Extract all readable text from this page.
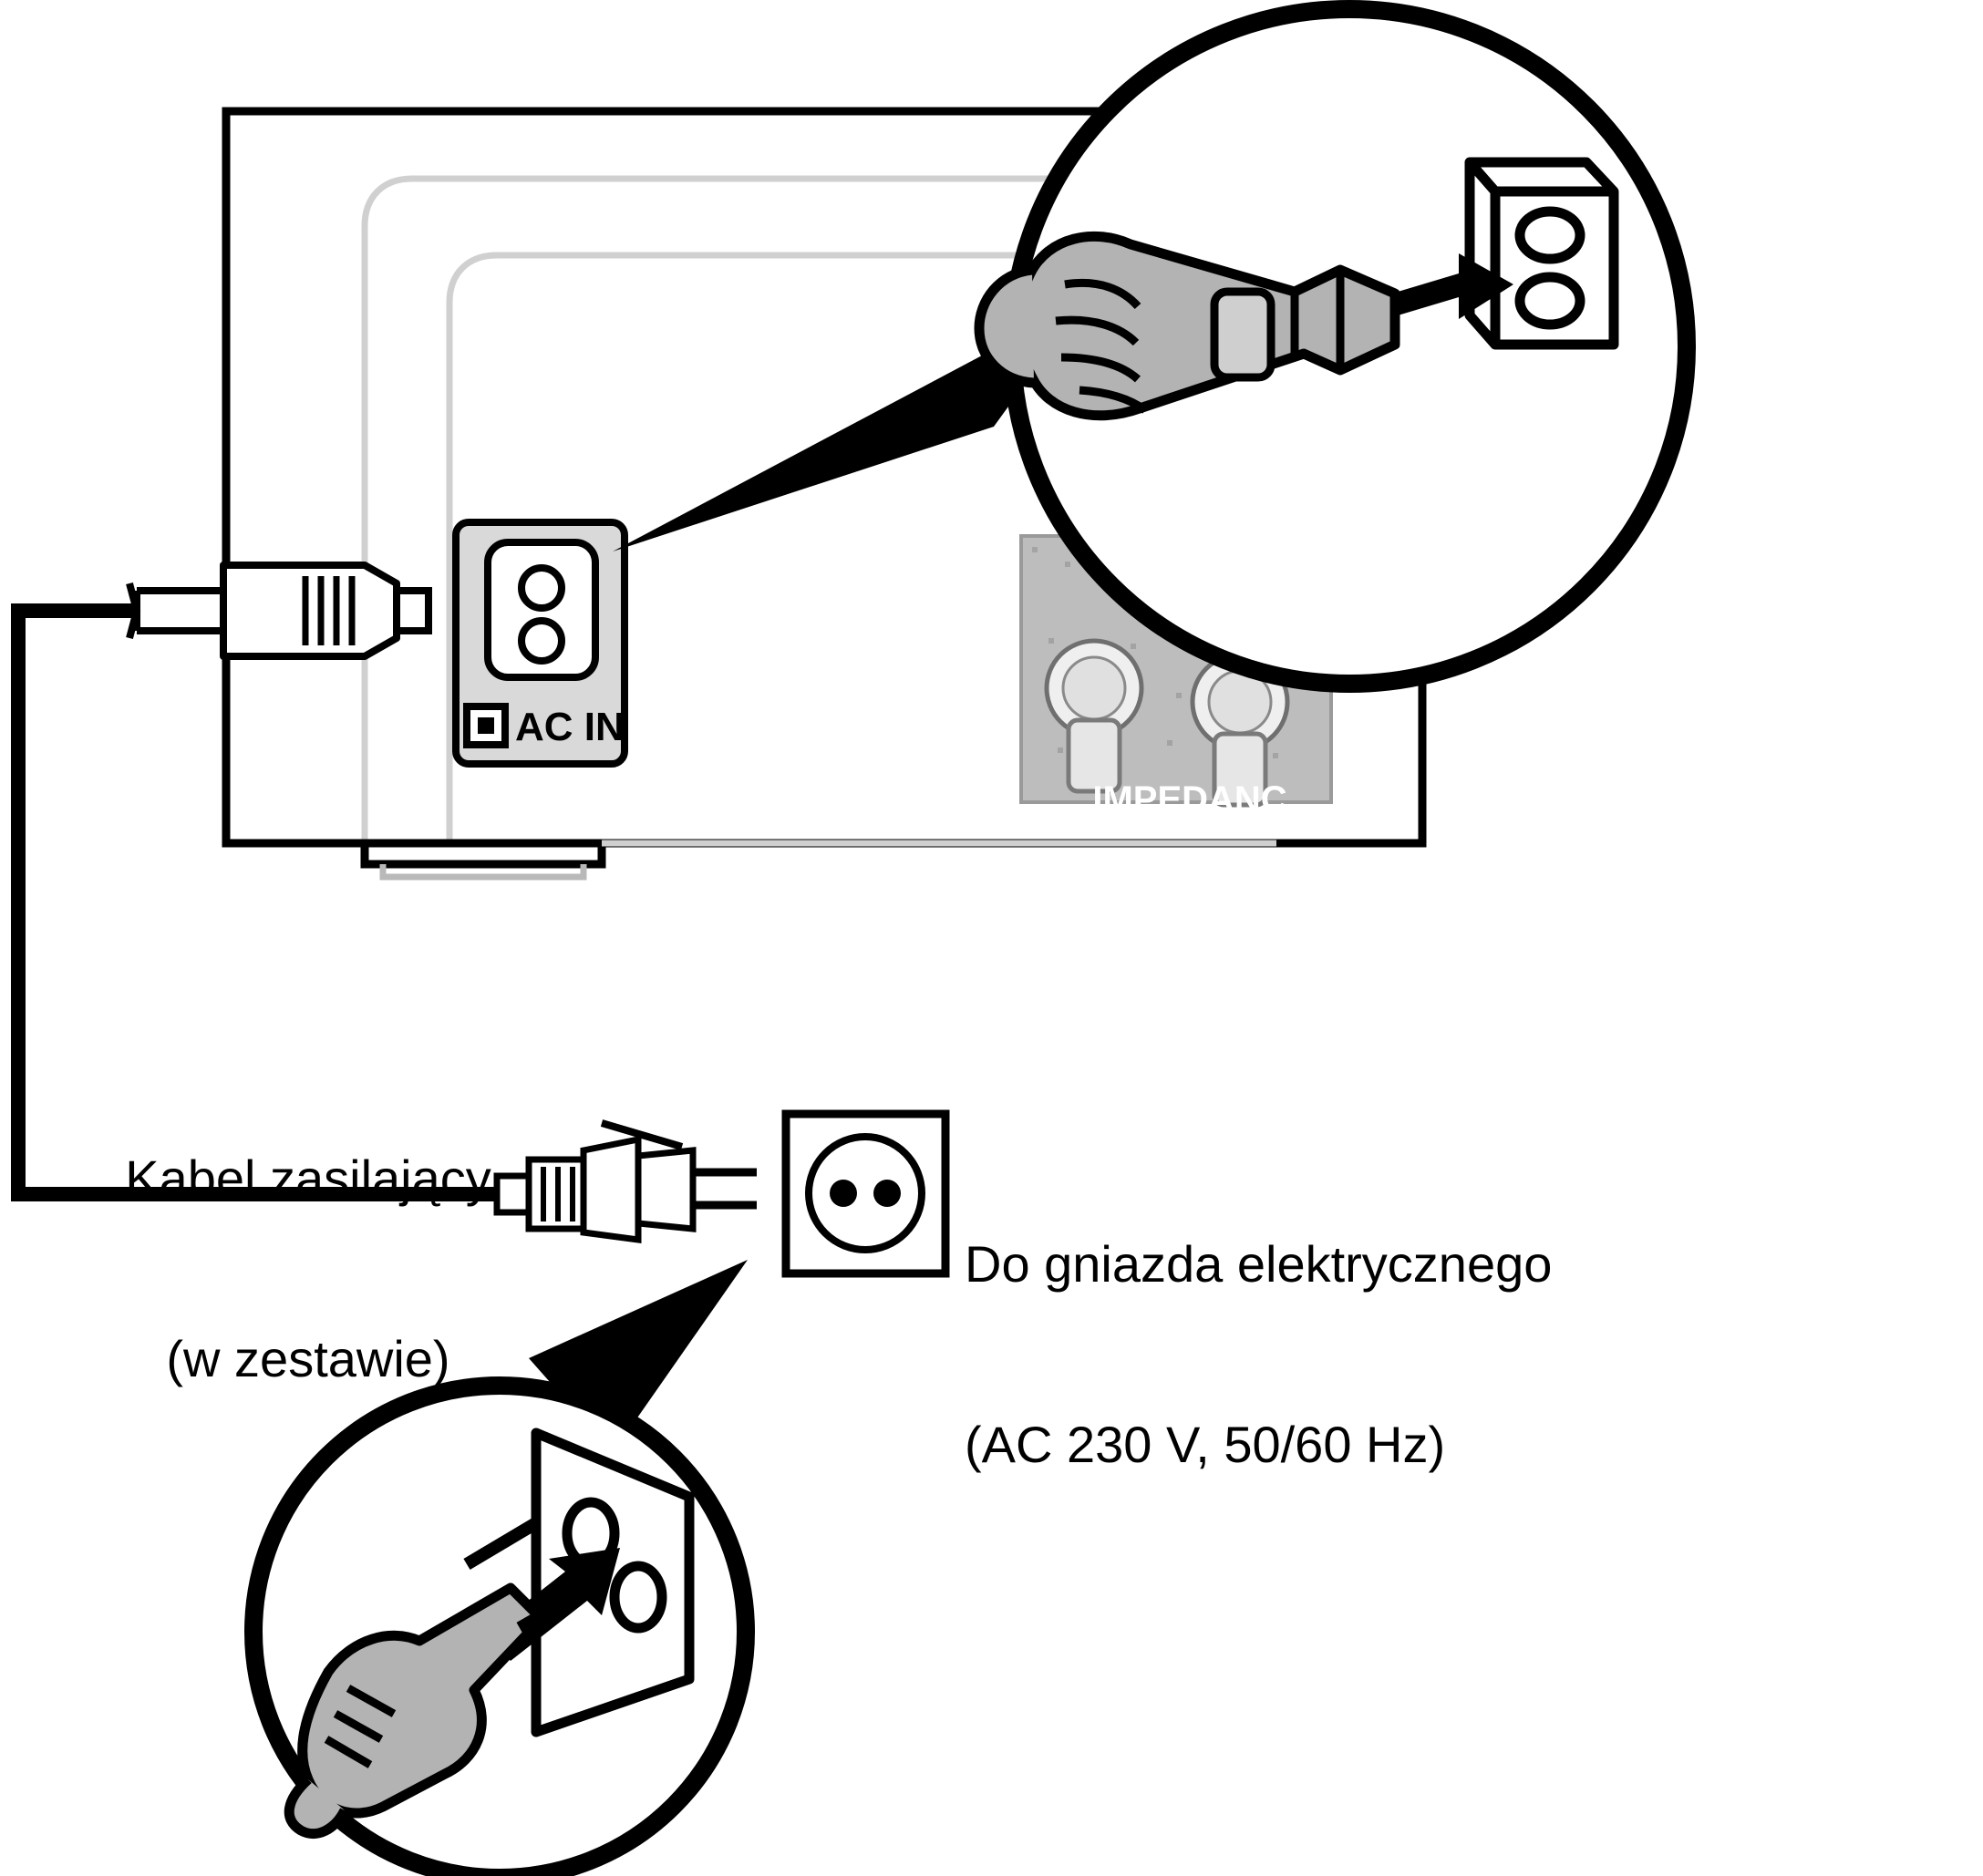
IMPEDANC
AC IN

Kabel zasilający

(w zestawie)

Do gniazda elektrycznego

(AC 230 V, 50/60 Hz)
